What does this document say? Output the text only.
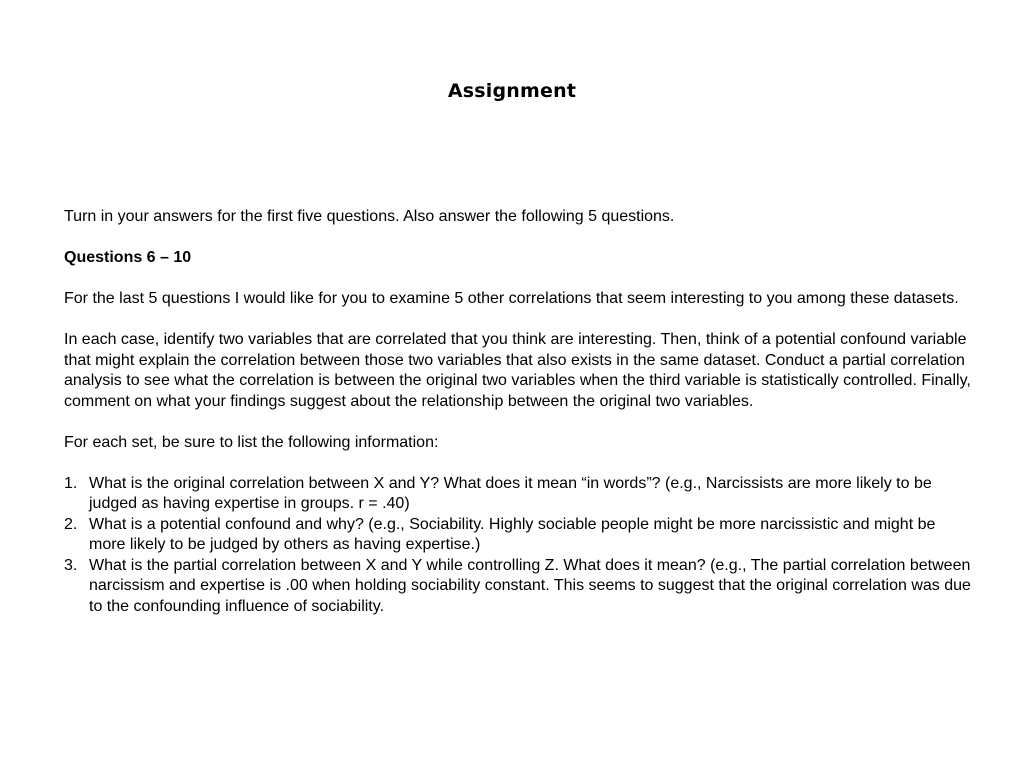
Assignment

Turn in your answers for the first five questions. Also answer the following 5 questions.

Questions 6 – 10

For the last 5 questions I would like for you to examine 5 other correlations that seem interesting to you among these datasets.

In each case, identify two variables that are correlated that you think are interesting. Then, think of a potential confound variable that might explain the correlation between those two variables that also exists in the same dataset. Conduct a partial correlation analysis to see what the correlation is between the original two variables when the third variable is statistically controlled. Finally, comment on what your findings suggest about the relationship between the original two variables.

For each set, be sure to list the following information:

1. What is the original correlation between X and Y? What does it mean “in words”? (e.g., Narcissists are more likely to be judged as having expertise in groups. r = .40)
2. What is a potential confound and why? (e.g., Sociability. Highly sociable people might be more narcissistic and might be more likely to be judged by others as having expertise.)
3. What is the partial correlation between X and Y while controlling Z. What does it mean? (e.g., The partial correlation between narcissism and expertise is .00 when holding sociability constant. This seems to suggest that the original correlation was due to the confounding influence of sociability.
